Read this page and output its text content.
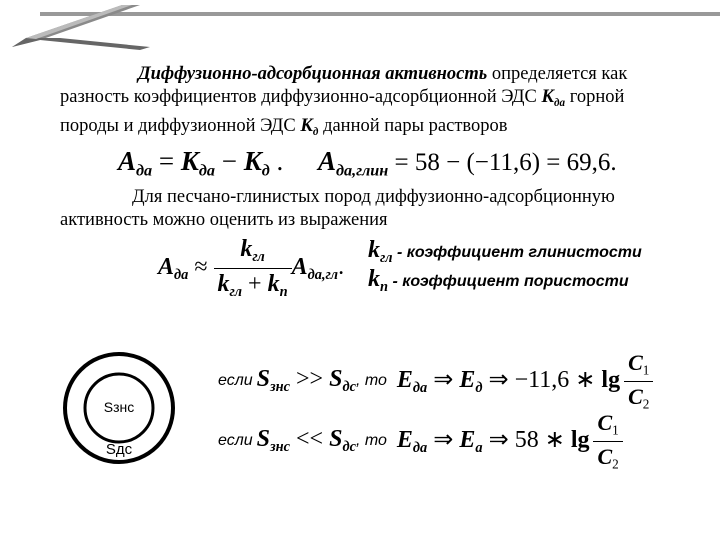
Диффузионно-адсорбционная активность определяется как
разность коэффициентов диффузионно-адсорбционной ЭДС $К_{да}$ горной
породы и диффузионной ЭДС $К_д$ данной пары растворов
$A_{да} = K_{да} - K_д$ . $A_{да,глин} = 58 - (-11,6) = 69,6$.
Для песчано-глинистых пород диффузионно-адсорбционную
активность можно оценить из выражения
$A_{да} \approx \frac{k_{гл}}{k_{гл} + k_п} A_{да,гл}$.
$k_{гл}$ - коэффициент глинистости
$k_п$ - коэффициент пористости
Sзнс
Sдс
если $S_{знс} >> S_{дс}$, то $E_{да}$ ⇒ $E_д$ ⇒ −11,6 ∗ $\lg \frac{C_1}{C_2}$
если $S_{знс} << S_{дс}$, то $E_{да}$ ⇒ $E_а$ ⇒ 58 ∗ $\lg \frac{C_1}{C_2}$
